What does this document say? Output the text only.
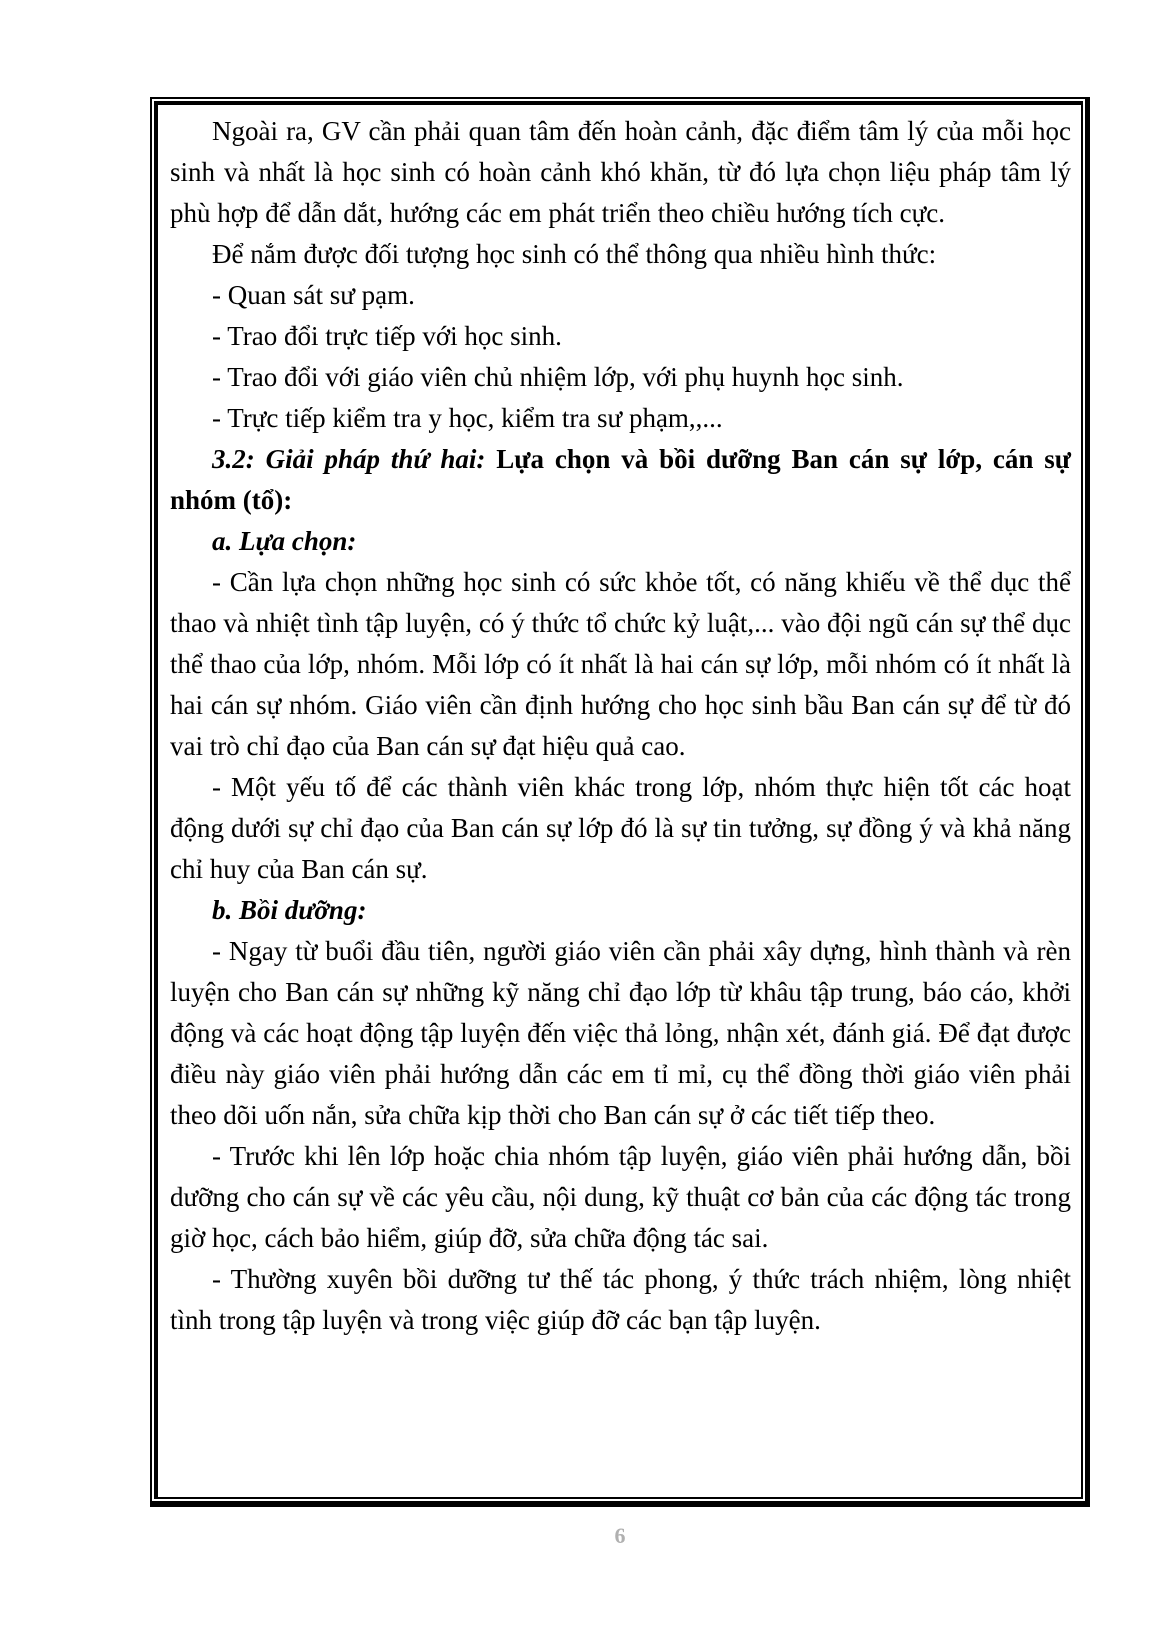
Ngoài ra, GV cần phải quan tâm đến hoàn cảnh, đặc điểm tâm lý của mỗi học sinh và nhất là học sinh có hoàn cảnh khó khăn, từ đó lựa chọn liệu pháp tâm lý phù hợp để dẫn dắt, hướng các em phát triển theo chiều hướng tích cực.

Để nắm được đối tượng học sinh có thể thông qua nhiều hình thức:

- Quan sát sư pạm.

- Trao đổi trực tiếp với học sinh.

- Trao đổi với giáo viên chủ nhiệm lớp, với phụ huynh học sinh.

- Trực tiếp kiểm tra y học, kiểm tra sư phạm,,...

3.2: Giải pháp thứ hai: Lựa chọn và bồi dưỡng Ban cán sự lớp, cán sự nhóm (tổ):

a. Lựa chọn:

- Cần lựa chọn những học sinh có sức khỏe tốt, có năng khiếu về thể dục thể thao và nhiệt tình tập luyện, có ý thức tổ chức kỷ luật,... vào đội ngũ cán sự thể dục thể thao của lớp, nhóm. Mỗi lớp có ít nhất là hai cán sự lớp, mỗi nhóm có ít nhất là hai cán sự nhóm. Giáo viên cần định hướng cho học sinh bầu Ban cán sự để từ đó vai trò chỉ đạo của Ban cán sự đạt hiệu quả cao.

- Một yếu tố để các thành viên khác trong lớp, nhóm thực hiện tốt các hoạt động dưới sự chỉ đạo của Ban cán sự lớp đó là sự tin tưởng, sự đồng ý và khả năng chỉ huy của Ban cán sự.

b. Bồi dưỡng:

- Ngay từ buổi đầu tiên, người giáo viên cần phải xây dựng, hình thành và rèn luyện cho Ban cán sự những kỹ năng chỉ đạo lớp từ khâu tập trung, báo cáo, khởi động và các hoạt động tập luyện đến việc thả lỏng, nhận xét, đánh giá. Để đạt được điều này giáo viên phải hướng dẫn các em tỉ mỉ, cụ thể đồng thời giáo viên phải theo dõi uốn nắn, sửa chữa kịp thời cho Ban cán sự ở các tiết tiếp theo.

- Trước khi lên lớp hoặc chia nhóm tập luyện, giáo viên phải hướng dẫn, bồi dưỡng cho cán sự về các yêu cầu, nội dung, kỹ thuật cơ bản của các động tác trong giờ học, cách bảo hiểm, giúp đỡ, sửa chữa động tác sai.

- Thường xuyên bồi dưỡng tư thế tác phong, ý thức trách nhiệm, lòng nhiệt tình trong tập luyện và trong việc giúp đỡ các bạn tập luyện.

6
